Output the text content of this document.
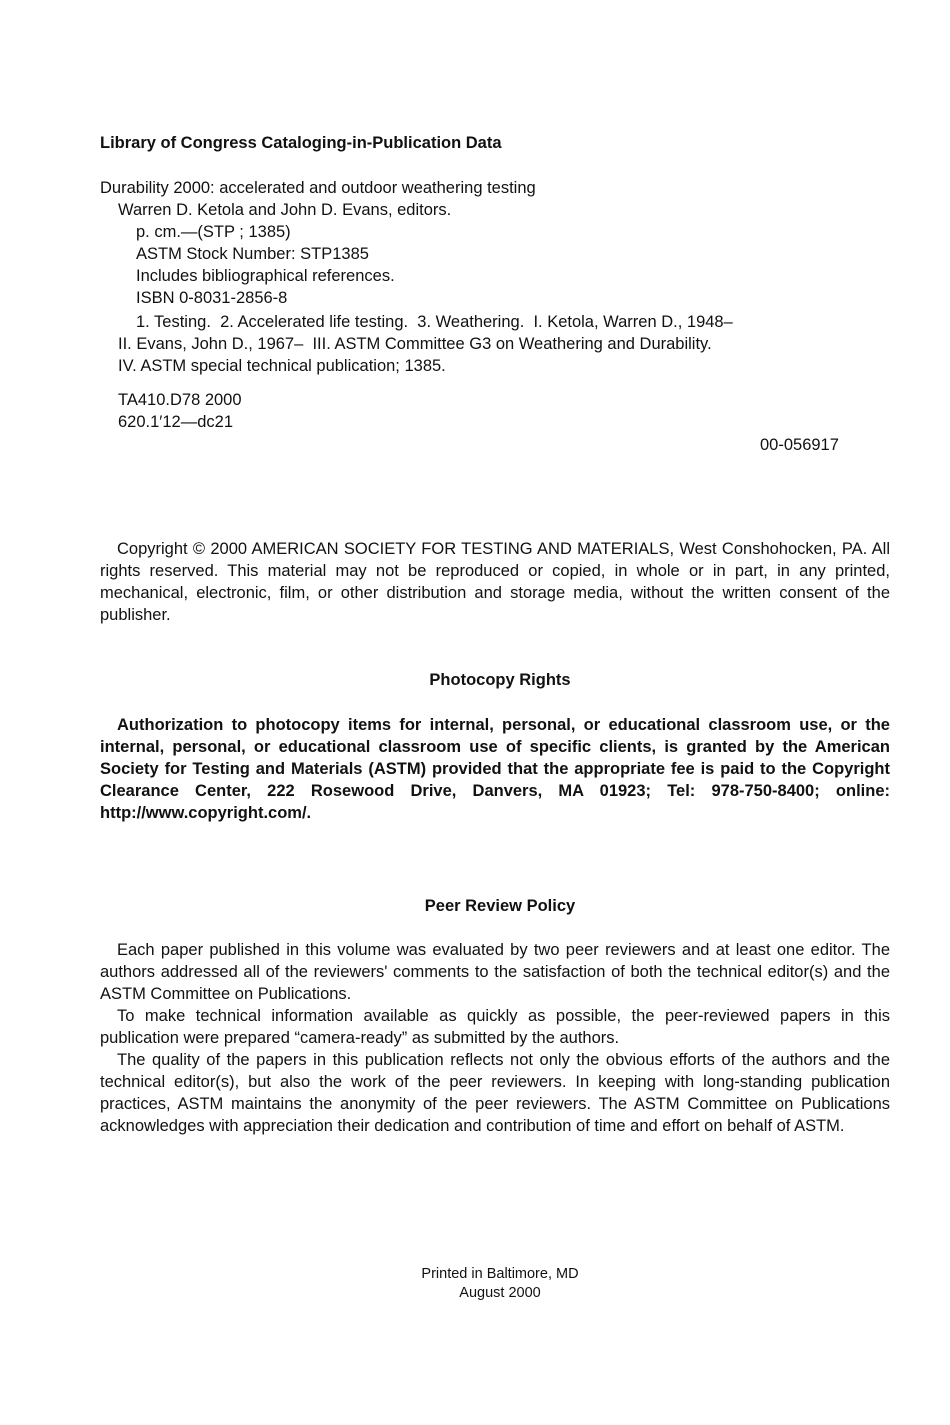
Library of Congress Cataloging-in-Publication Data
Durability 2000: accelerated and outdoor weathering testing
Warren D. Ketola and John D. Evans, editors.
p. cm.—(STP ; 1385)
ASTM Stock Number: STP1385
Includes bibliographical references.
ISBN 0-8031-2856-8
1. Testing.  2. Accelerated life testing.  3. Weathering.  I. Ketola, Warren D., 1948–
II. Evans, John D., 1967–  III. ASTM Committee G3 on Weathering and Durability.
IV. ASTM special technical publication; 1385.
TA410.D78 2000
620.1′12—dc21
00-056917

Copyright © 2000 AMERICAN SOCIETY FOR TESTING AND MATERIALS, West Conshohocken, PA. All rights reserved. This material may not be reproduced or copied, in whole or in part, in any printed, mechanical, electronic, film, or other distribution and storage media, without the written consent of the publisher.

Photocopy Rights

Authorization to photocopy items for internal, personal, or educational classroom use, or the internal, personal, or educational classroom use of specific clients, is granted by the American Society for Testing and Materials (ASTM) provided that the appropriate fee is paid to the Copyright Clearance Center, 222 Rosewood Drive, Danvers, MA 01923; Tel: 978-750-8400; online: http://www.copyright.com/.

Peer Review Policy

Each paper published in this volume was evaluated by two peer reviewers and at least one editor. The authors addressed all of the reviewers' comments to the satisfaction of both the technical editor(s) and the ASTM Committee on Publications.

To make technical information available as quickly as possible, the peer-reviewed papers in this publication were prepared “camera-ready” as submitted by the authors.

The quality of the papers in this publication reflects not only the obvious efforts of the authors and the technical editor(s), but also the work of the peer reviewers. In keeping with long-standing publication practices, ASTM maintains the anonymity of the peer reviewers. The ASTM Committee on Publications acknowledges with appreciation their dedication and contribution of time and effort on behalf of ASTM.

Printed in Baltimore, MD
August 2000
